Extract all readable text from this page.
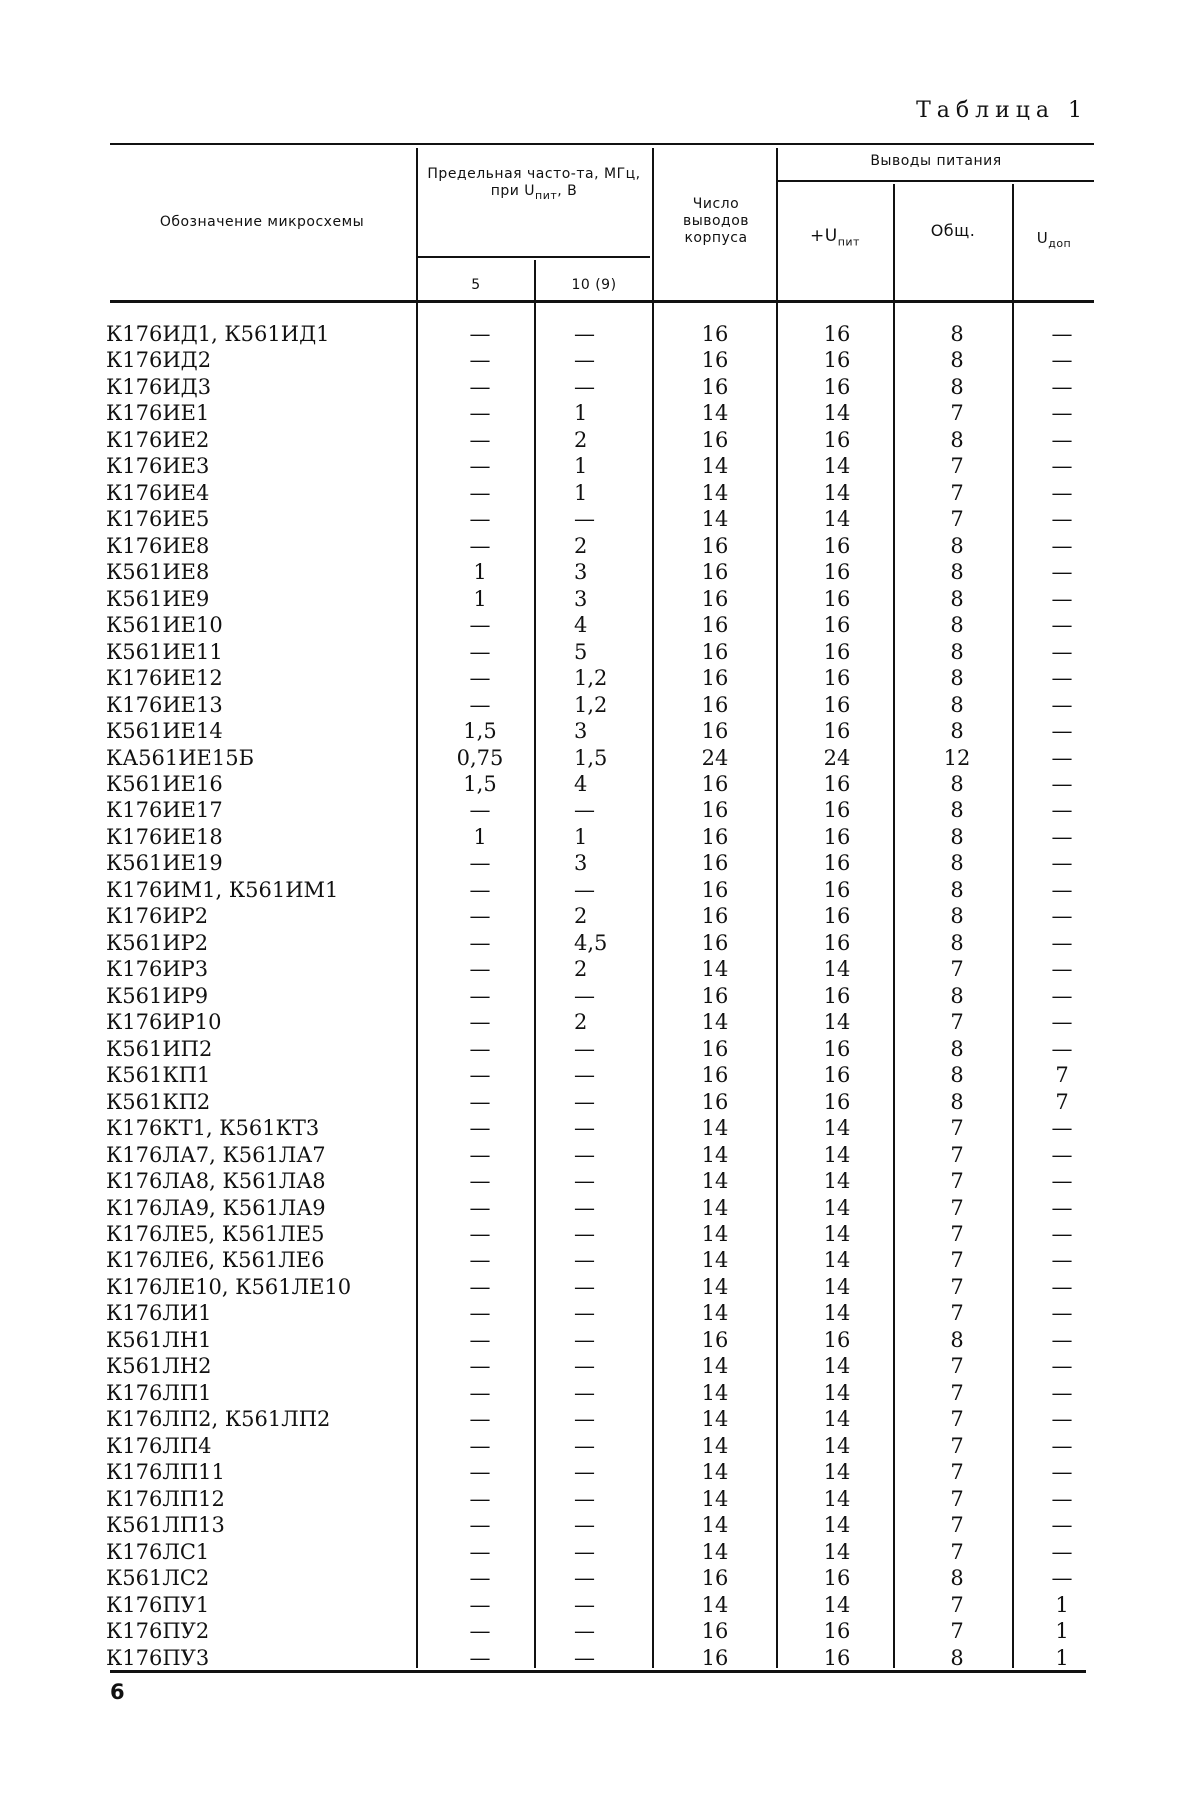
Таблица 1
Обозначение микросхемы
Предельная часто-та, МГц, при $U_{пит}$, В
5	10 (9)
Число выводов корпуса
Выводы питания
$+U_{пит}$
Общ.	$U_{доп}$
К176ИД1, К561ИД1	—	—	16	16	8	—
К176ИД2	—	—	16	16	8	—
К176ИД3	—	—	16	16	8	—
К176ИЕ1	—	1	14	14	7	—
К176ИЕ2	—	2	16	16	8	—
К176ИЕ3	—	1	14	14	7	—
К176ИЕ4	—	1	14	14	7	—
К176ИЕ5	—	—	14	14	7	—
К176ИЕ8	—	2	16	16	8	—
К561ИЕ8	1	3	16	16	8	—
К561ИЕ9	1	3	16	16	8	—
К561ИЕ10	—	4	16	16	8	—
К561ИЕ11	—	5	16	16	8	—
К176ИЕ12	—	1,2	16	16	8	—
К176ИЕ13	—	1,2	16	16	8	—
К561ИЕ14	1,5	3	16	16	8	—
КА561ИЕ15Б	0,75	1,5	24	24	12	—
К561ИЕ16	1,5	4	16	16	8	—
К176ИЕ17	—	—	16	16	8	—
К176ИЕ18	1	1	16	16	8	—
К561ИЕ19	—	3	16	16	8	—
К176ИМ1, К561ИМ1	—	—	16	16	8	—
К176ИР2	—	2	16	16	8	—
К561ИР2	—	4,5	16	16	8	—
К176ИР3	—	2	14	14	7	—
К561ИР9	—	—	16	16	8	—
К176ИР10	—	2	14	14	7	—
К561ИП2	—	—	16	16	8	—
К561КП1	—	—	16	16	8	7
К561КП2	—	—	16	16	8	7
К176КТ1, К561КТ3	—	—	14	14	7	—
К176ЛА7, К561ЛА7	—	—	14	14	7	—
К176ЛА8, К561ЛА8	—	—	14	14	7	—
К176ЛА9, К561ЛА9	—	—	14	14	7	—
К176ЛЕ5, К561ЛЕ5	—	—	14	14	7	—
К176ЛЕ6, К561ЛЕ6	—	—	14	14	7	—
К176ЛЕ10, К561ЛЕ10	—	—	14	14	7	—
К176ЛИ1	—	—	14	14	7	—
К561ЛН1	—	—	16	16	8	—
К561ЛН2	—	—	14	14	7	—
К176ЛП1	—	—	14	14	7	—
К176ЛП2, К561ЛП2	—	—	14	14	7	—
К176ЛП4	—	—	14	14	7	—
К176ЛП11	—	—	14	14	7	—
К176ЛП12	—	—	14	14	7	—
К561ЛП13	—	—	14	14	7	—
К176ЛС1	—	—	14	14	7	—
К561ЛС2	—	—	16	16	8	—
К176ПУ1	—	—	14	14	7	1
К176ПУ2	—	—	16	16	7	1
К176ПУ3	—	—	16	16	8	1
6
